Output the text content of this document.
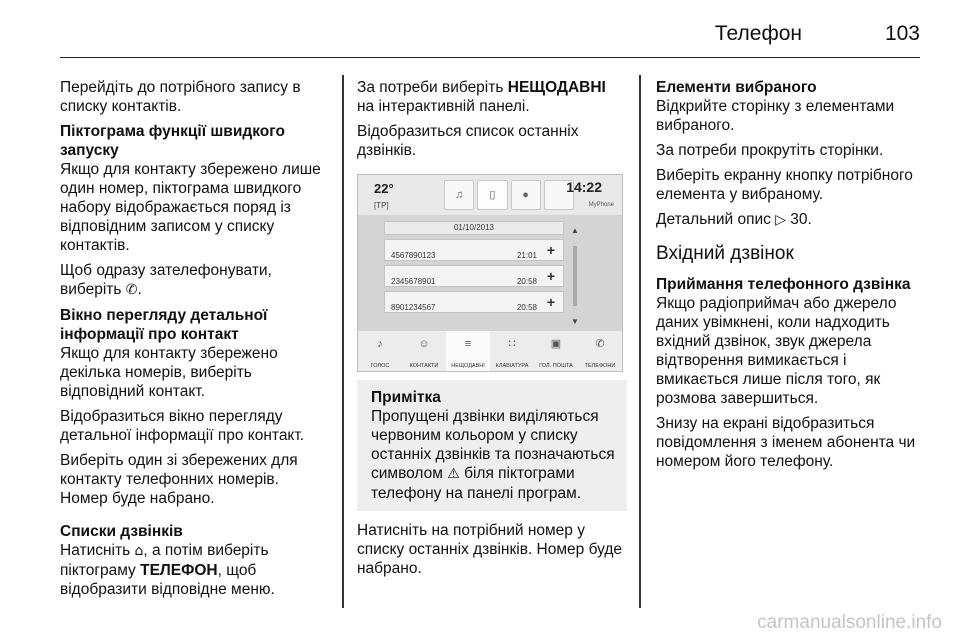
Телефон	103

Перейдіть до потрібного запису в списку контактів.

Піктограма функції швидкого запуску

Якщо для контакту збережено лише один номер, піктограма швидкого набору відображається поряд із відповідним записом у списку контактів.

Щоб одразу зателефонувати, виберіть ✆.

Вікно перегляду детальної інформації про контакт

Якщо для контакту збережено декілька номерів, виберіть відповідний контакт.

Відобразиться вікно перегляду детальної інформації про контакт.

Виберіть один зі збережених для контакту телефонних номерів. Номер буде набрано.

Списки дзвінків

Натисніть ⌂, а потім виберіть піктограму ТЕЛЕФОН, щоб відобразити відповідне меню.

За потреби виберіть НЕЩОДАВНІ на інтерактивній панелі.

Відобразиться список останніх дзвінків.

22°
[TP]
♫	▯	●	14:22
MyPhone
01/10/2013
4567890123	21:01 +
2345678901	20:58 +
8901234567	20:58 +
▲
▼
♪
ГОЛОС
☺
КОНТАКТИ
≡
НЕЩОДАВНІ
∷
КЛАВІАТУРА
▣
ГОЛ. ПОШТА
✆
ТЕЛЕФОНИ
Примітка
Пропущені дзвінки виділяються червоним кольором у списку останніх дзвінків та позначаються символом ⚠ біля піктограми телефону на панелі програм.

Натисніть на потрібний номер у списку останніх дзвінків. Номер буде набрано.

Елементи вибраного

Відкрийте сторінку з елементами вибраного.

За потреби прокрутіть сторінки.

Виберіть екранну кнопку потрібного елемента у вибраному.

Детальний опис ▷ 30.

Вхідний дзвінок
Приймання телефонного дзвінка

Якщо радіоприймач або джерело даних увімкнені, коли надходить вхідний дзвінок, звук джерела відтворення вимикається і вмикається лише після того, як розмова завершиться.

Знизу на екрані відобразиться повідомлення з іменем абонента чи номером його телефону.

carmanualsonline.info
